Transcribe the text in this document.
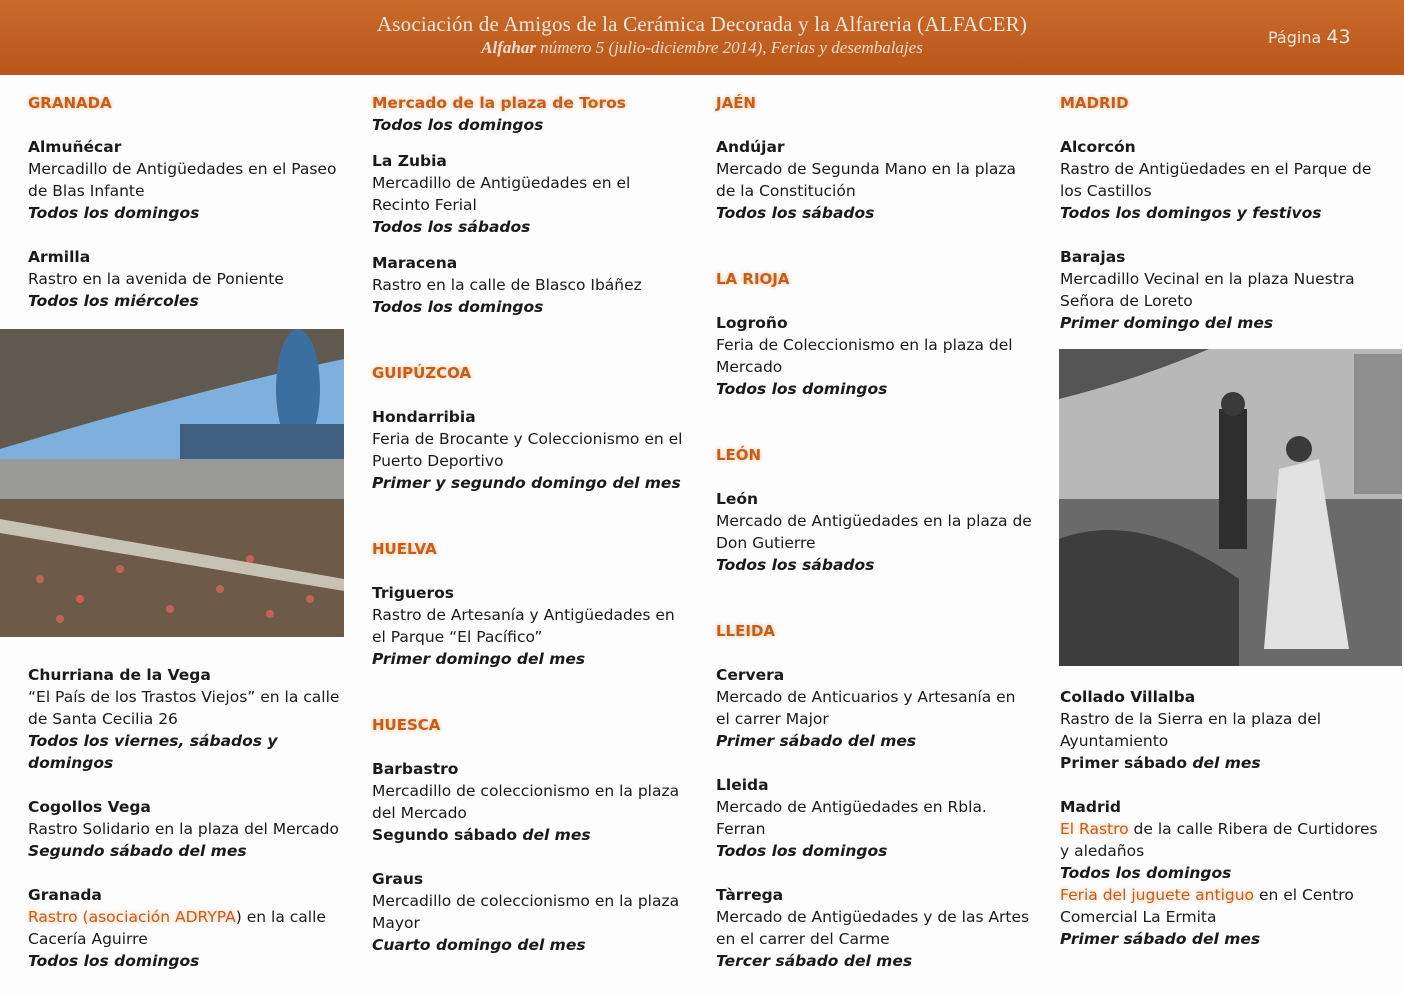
Asociación de Amigos de la Cerámica Decorada y la Alfareria (ALFACER)
Alfahar número 5 (julio-diciembre 2014), Ferias y desembalajes
Página 43
GRANADA
Almuñécar
Mercadillo de Antigüedades en el Paseo de Blas Infante
Todos los domingos
Armilla
Rastro en la avenida de Poniente
Todos los miércoles
Churriana de la Vega
“El País de los Trastos Viejos” en la calle de Santa Cecilia 26
Todos los viernes, sábados y domingos
Cogollos Vega
Rastro Solidario en la plaza del Mercado
Segundo sábado del mes
Granada
Rastro (asociación ADRYPA) en la calle Cacería Aguirre
Todos los domingos
Mercado de la plaza de Toros
Todos los domingos
La Zubia
Mercadillo de Antigüedades en el Recinto Ferial
Todos los sábados
Maracena
Rastro en la calle de Blasco Ibáñez
Todos los domingos
GUIPÚZCOA
Hondarribia
Feria de Brocante y Coleccionismo en el Puerto Deportivo
Primer y segundo domingo del mes
HUELVA
Trigueros
Rastro de Artesanía y Antigüedades en el Parque “El Pacífico”
Primer domingo del mes
HUESCA
Barbastro
Mercadillo de coleccionismo en la plaza del Mercado
Segundo sábado del mes
Graus
Mercadillo de coleccionismo en la plaza Mayor
Cuarto domingo del mes
JAÉN
Andújar
Mercado de Segunda Mano en la plaza de la Constitución
Todos los sábados
LA RIOJA
Logroño
Feria de Coleccionismo en la plaza del Mercado
Todos los domingos
LEÓN
León
Mercado de Antigüedades en la plaza de Don Gutierre
Todos los sábados
LLEIDA
Cervera
Mercado de Anticuarios y Artesanía en el carrer Major
Primer sábado del mes
Lleida
Mercado de Antigüedades en Rbla. Ferran
Todos los domingos
Tàrrega
Mercado de Antigüedades y de las Artes en el carrer del Carme
Tercer sábado del mes
MADRID
Alcorcón
Rastro de Antigüedades en el Parque de los Castillos
Todos los domingos y festivos
Barajas
Mercadillo Vecinal en la plaza Nuestra Señora de Loreto
Primer domingo del mes
Collado Villalba
Rastro de la Sierra en la plaza del Ayuntamiento
Primer sábado del mes
Madrid
El Rastro de la calle Ribera de Curtidores y aledaños
Todos los domingos
Feria del juguete antiguo en el Centro Comercial La Ermita
Primer sábado del mes
